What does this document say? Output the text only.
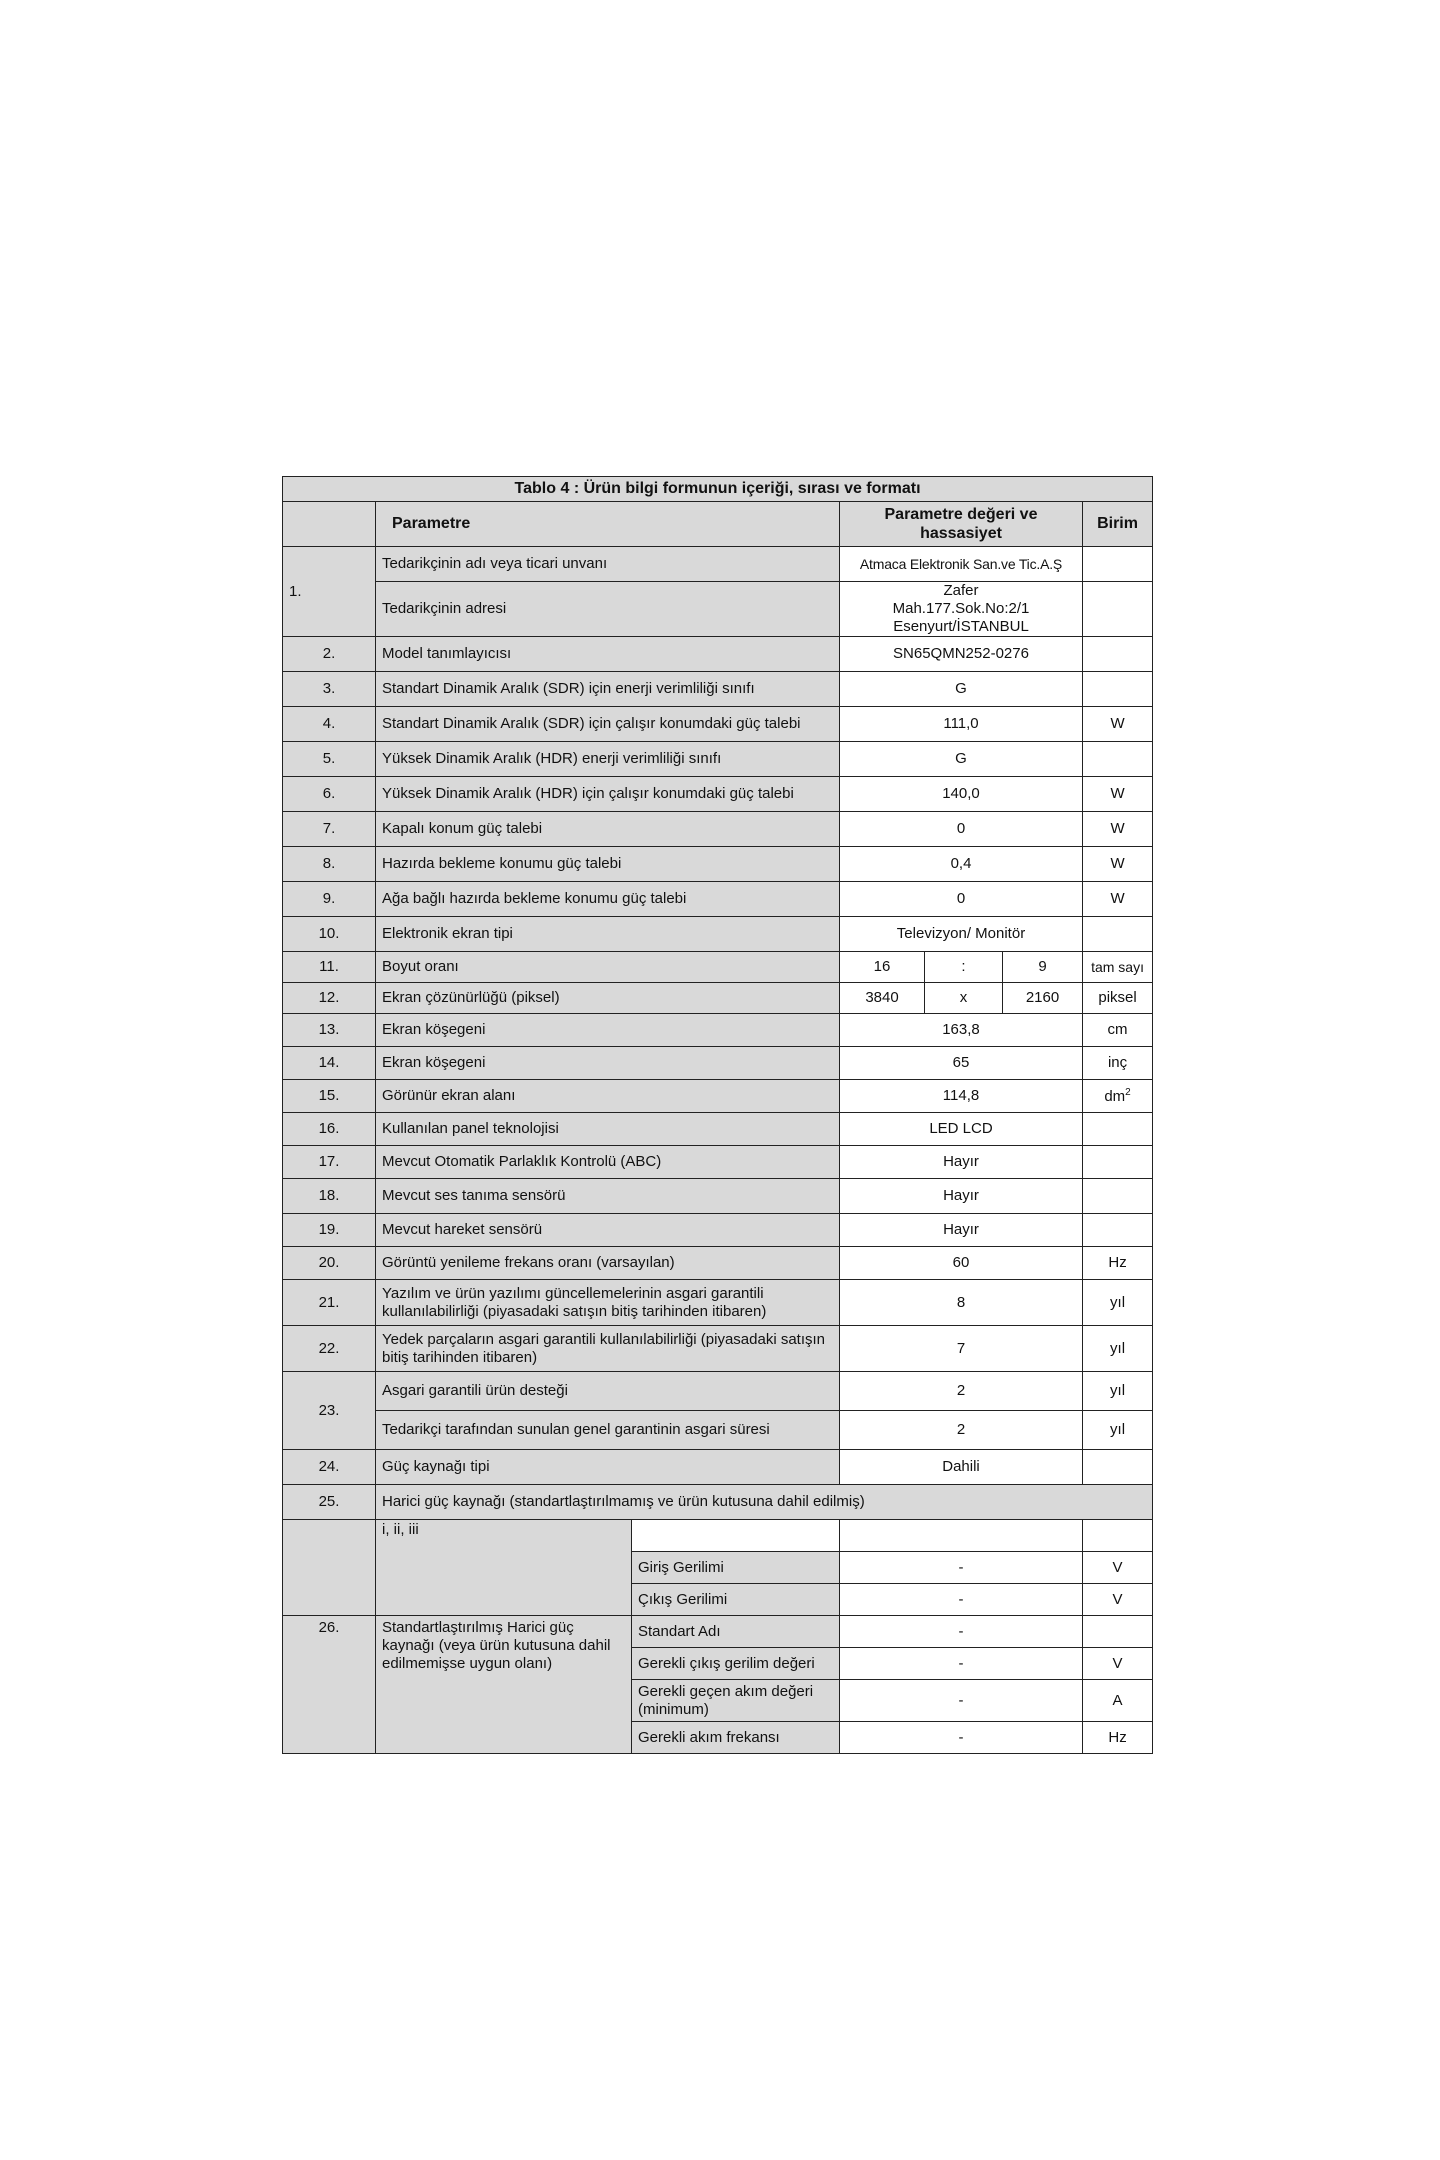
Tablo 4 : Ürün bilgi formunun içeriği, sırası ve formatı						
	Parametre		Parametre değeri ve hassasiyet			Birim
1.	Tedarikçinin adı veya ticari unvanı		Atmaca Elektronik San.ve Tic.A.Ş			
	Tedarikçinin adresi		Zafer Mah.177.Sok.No:2/1 Esenyurt/İSTANBUL			
2.	Model tanımlayıcısı		SN65QMN252-0276			
3.	Standart Dinamik Aralık (SDR) için enerji verimliliği sınıfı		G			
4.	Standart Dinamik Aralık (SDR) için çalışır konumdaki güç talebi		111,0			W
5.	Yüksek Dinamik Aralık (HDR) enerji verimliliği sınıfı		G			
6.	Yüksek Dinamik Aralık (HDR) için çalışır konumdaki güç talebi		140,0			W
7.	Kapalı konum güç talebi		0			W
8.	Hazırda bekleme konumu güç talebi		0,4			W
9.	Ağa bağlı hazırda bekleme konumu güç talebi		0			W
10.	Elektronik ekran tipi		Televizyon/ Monitör			
11.	Boyut oranı		16	:	9	tam sayı
12.	Ekran çözünürlüğü (piksel)		3840	x	2160	piksel
13.	Ekran köşegeni		163,8			cm
14.	Ekran köşegeni		65			inç
15.	Görünür ekran alanı		114,8			$dm^2$
16.	Kullanılan panel teknolojisi		LED LCD			
17.	Mevcut Otomatik Parlaklık Kontrolü (ABC)		Hayır			
18.	Mevcut ses tanıma sensörü		Hayır			
19.	Mevcut hareket sensörü		Hayır			
20.	Görüntü yenileme frekans oranı (varsayılan)		60			Hz
21.	Yazılım ve ürün yazılımı güncellemelerinin asgari garantili kullanılabilirliği (piyasadaki satışın bitiş tarihinden itibaren)		8			yıl
22.	Yedek parçaların asgari garantili kullanılabilirliği (piyasadaki satışın bitiş tarihinden itibaren)		7			yıl
23.	Asgari garantili ürün desteği		2			yıl
	Tedarikçi tarafından sunulan genel garantinin asgari süresi		2			yıl
24.	Güç kaynağı tipi		Dahili			
25.	Harici güç kaynağı (standartlaştırılmamış ve ürün kutusuna dahil edilmiş)					
	i, ii, iii					
		Giriş Gerilimi	-			V
		Çıkış Gerilimi	-			V
26.	Standartlaştırılmış Harici güç kaynağı (veya ürün kutusuna dahil edilmemişse uygun olanı)	Standart Adı	-			
		Gerekli çıkış gerilim değeri	-			V
		Gerekli geçen akım değeri (minimum)	-			A
		Gerekli akım frekansı	-			Hz
